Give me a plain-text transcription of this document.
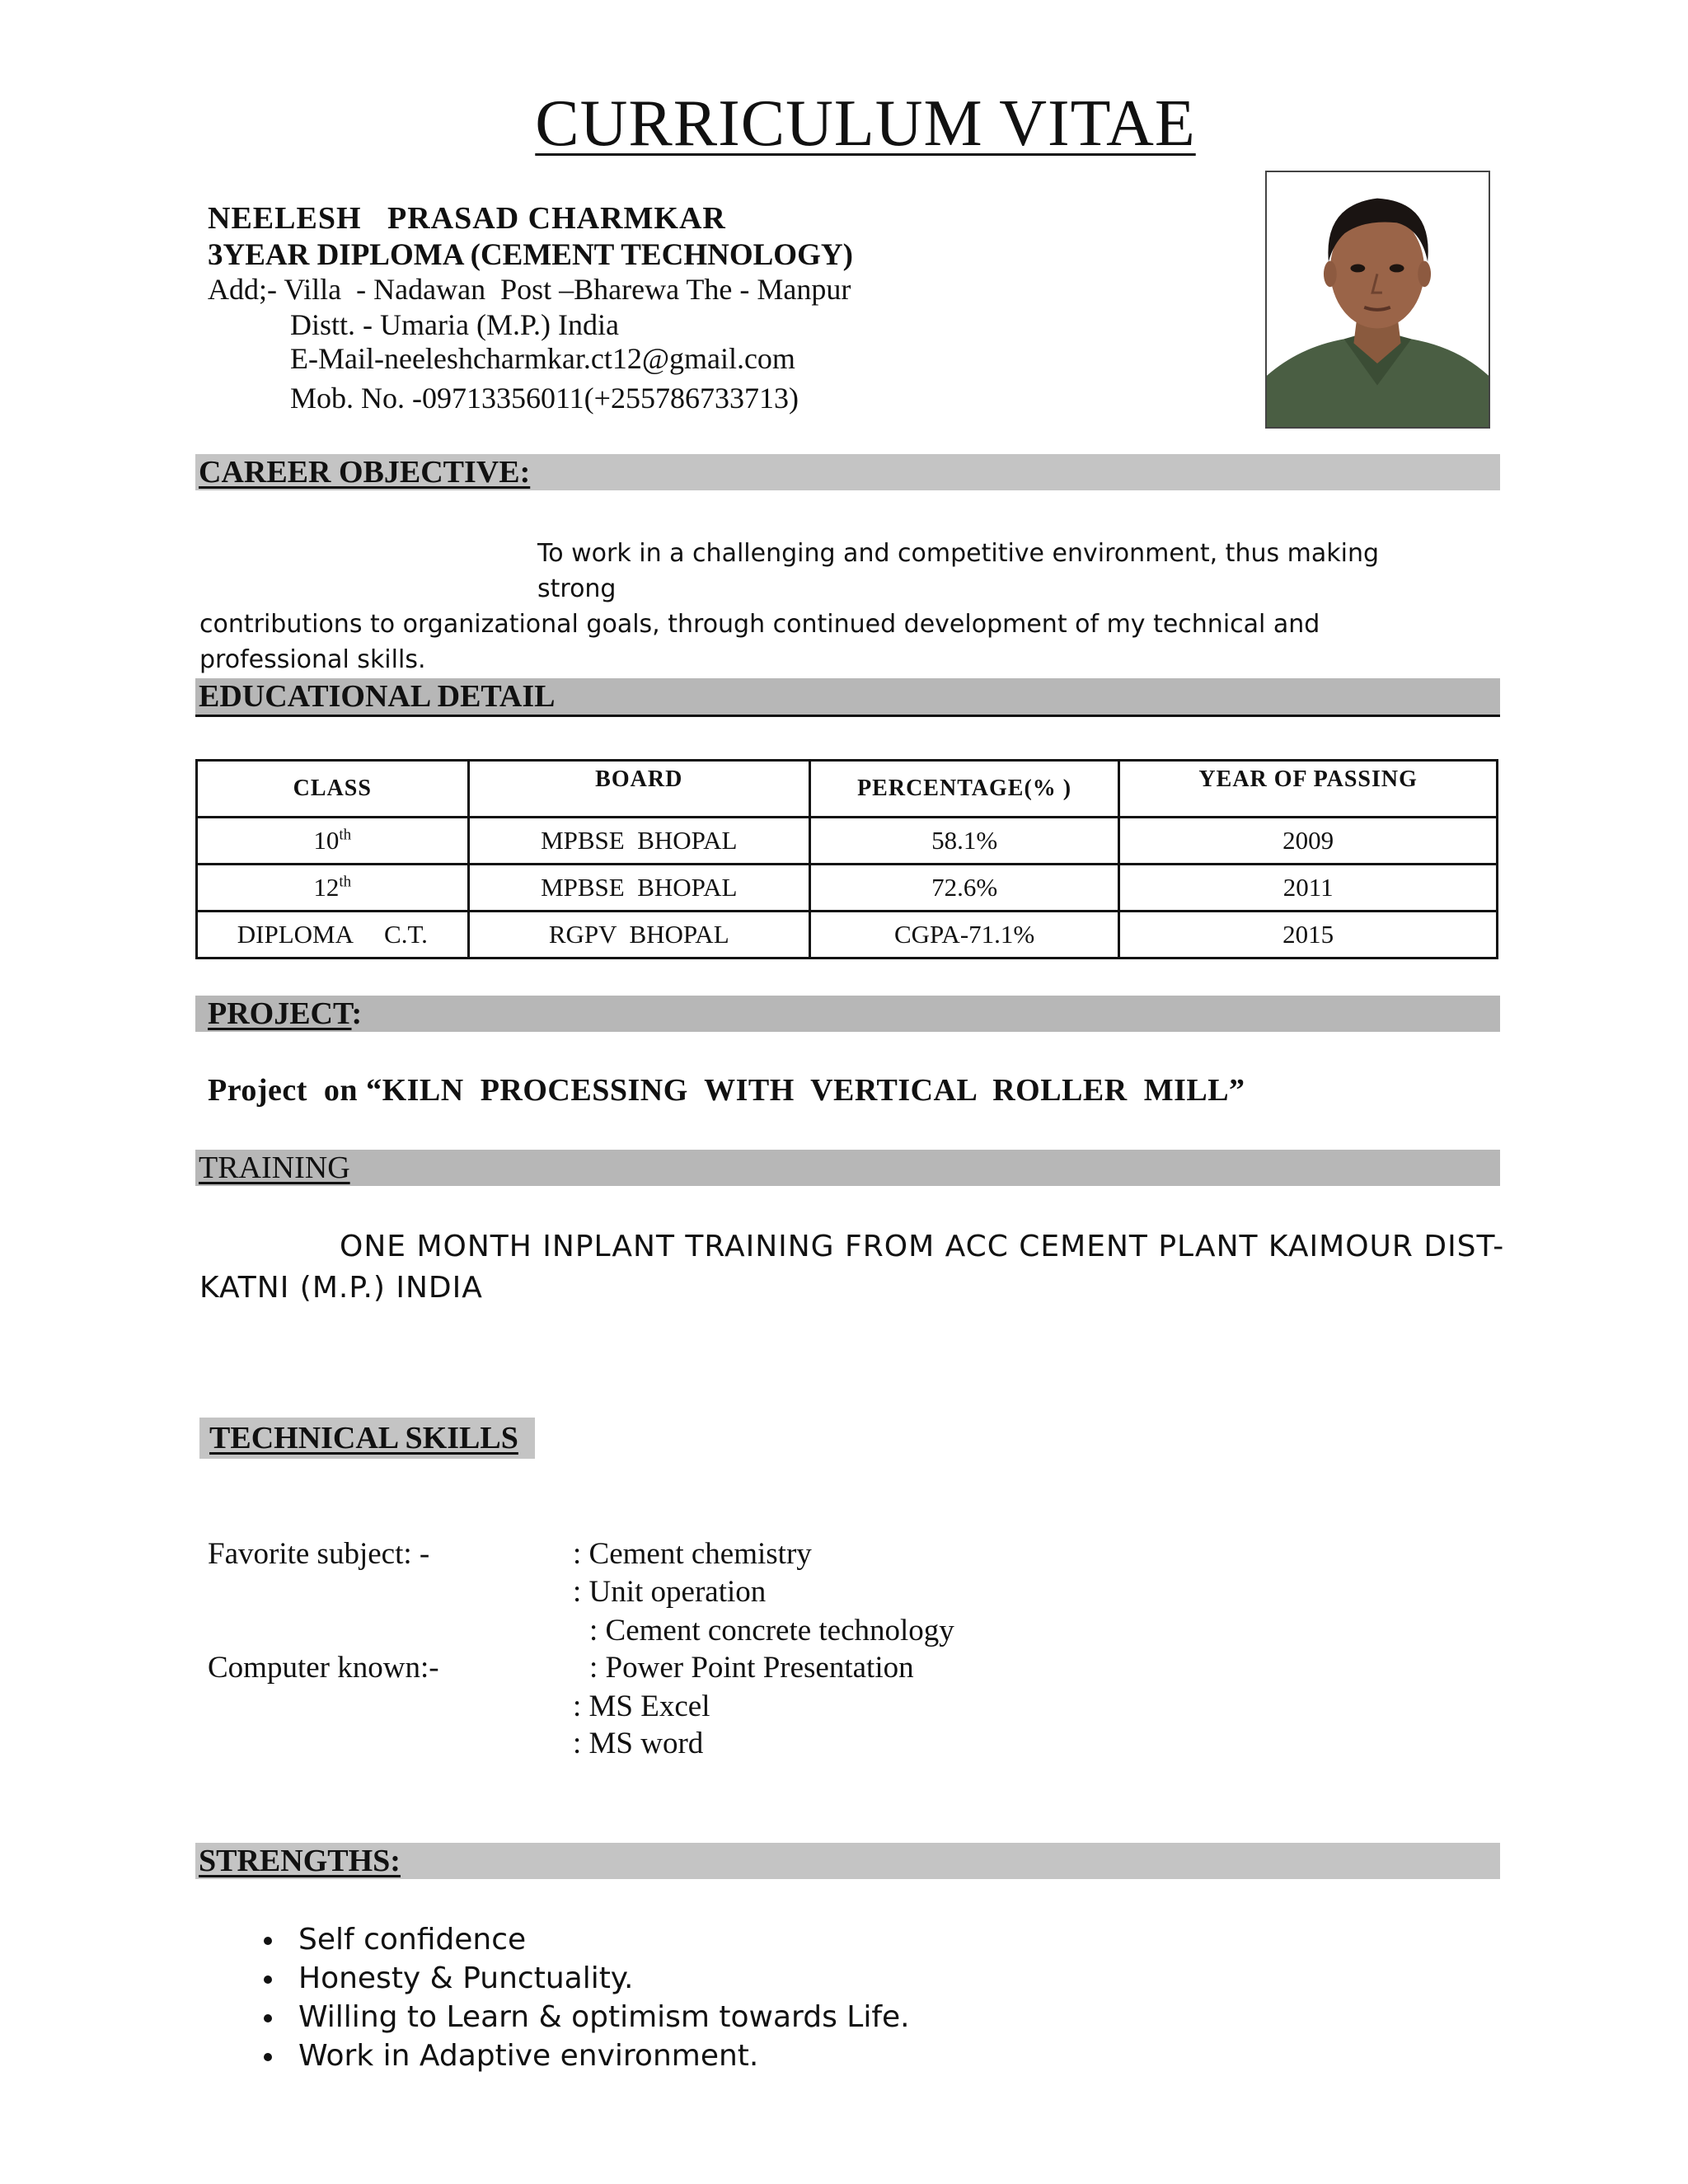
CURRICULUM VITAE
NEELESH   PRASAD CHARMKAR
3YEAR DIPLOMA (CEMENT TECHNOLOGY)
Add;- Villa  - Nadawan  Post –Bharewa The - Manpur
Distt. - Umaria (M.P.) India
E-Mail-neeleshcharmkar.ct12@gmail.com
Mob. No. -09713356011(+255786733713)
CAREER OBJECTIVE:
To work in a challenging and competitive environment, thus making strong
contributions to organizational goals, through continued development of my technical and professional skills.
EDUCATIONAL DETAIL
CLASS	BOARD	PERCENTAGE(% )	YEAR OF PASSING
10th	MPBSE  BHOPAL	58.1%	2009
12th	MPBSE  BHOPAL	72.6%	2011
DIPLOMA     C.T.	RGPV  BHOPAL	CGPA-71.1%	2015
PROJECT:
Project  on “KILN  PROCESSING  WITH  VERTICAL  ROLLER  MILL”
TRAINING
ONE MONTH INPLANT TRAINING FROM ACC CEMENT PLANT KAIMOUR DIST-
KATNI (M.P.) INDIA
TECHNICAL SKILLS
Favorite subject: -	: Cement chemistry
: Unit operation
: Cement concrete technology
Computer known:-	: Power Point Presentation
: MS Excel
: MS word
STRENGTHS:
Self confidence
Honesty & Punctuality.
Willing to Learn & optimism towards Life.
Work in Adaptive environment.
